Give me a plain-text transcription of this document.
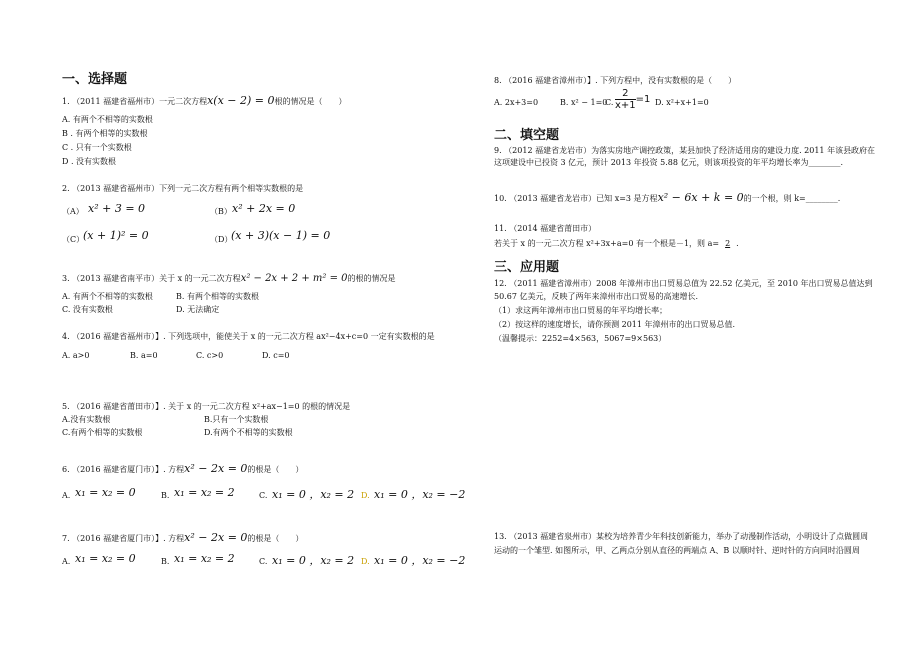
一、选择题
1. （2011 福建省福州市）一元二次方程x(x − 2) = 0根的情况是（　　）
A. 有两个不相等的实数根
B . 有两个相等的实数根
C . 只有一个实数根
D . 没有实数根
2. （2013 福建省福州市）下列一元二次方程有两个相等实数根的是
（A） x² + 3 = 0	（B） x² + 2x = 0
（C）
(x + 1)² = 0	（D）
(x + 3)(x − 1) = 0
3. （2013 福建省南平市）关于 x 的一元二次方程x² − 2x + 2 + m² = 0的根的情况是
A. 有两个不相等的实数根	B. 有两个相等的实数根
C. 没有实数根	D. 无法确定
4. （2016 福建省福州市）】. 下列选项中，能使关于 x 的一元二次方程 ax²−4x+c=0 一定有实数根的是
A. a>0	B. a=0	C. c>0	D. c=0
5. （2016 福建省莆田市）】. 关于 x 的一元二次方程 x²+ax−1=0 的根的情况是
A.没有实数根	B.只有一个实数根
C.有两个相等的实数根	D.有两个不相等的实数根
6. （2016 福建省厦门市）】. 方程x² − 2x = 0的根是（　　）
A. x₁ = x₂ = 0	B. x₁ = x₂ = 2	C. x₁ = 0 ，x₂ = 2 D. x₁ = 0 ，x₂ = −2
7. （2016 福建省厦门市）】. 方程x² − 2x = 0的根是（　　）
A. x₁ = x₂ = 0	B. x₁ = x₂ = 2	C. x₁ = 0 ，x₂ = 2 D. x₁ = 0 ，x₂ = −2
8. （2016 福建省漳州市）】. 下列方程中，没有实数根的是（　　）
A. 2x+3=0	B. x² − 1=0
C. $\frac{2}{x+1} =1$ D. x²+x+1=0
二、填空题
9. （2012 福建省龙岩市）为落实房地产调控政策，某县加快了经济适用房的建设力度. 2011 年该县政府在
这项建设中已投资 3 亿元，预计 2013 年投资 5.88 亿元，则该项投资的年平均增长率为________.
10. （2013 福建省龙岩市）已知 x=3 是方程x² − 6x + k = 0的一个根，则 k=________.
11. （2014 福建省莆田市）
若关于 x 的一元二次方程 x²+3x+a=0 有一个根是－1，则 a= 2 .
三、应用题
12. （2011 福建省漳州市）2008 年漳州市出口贸易总值为 22.52 亿美元，至 2010 年出口贸易总值达到
50.67 亿美元，反映了两年来漳州市出口贸易的高速增长.
（1）求这两年漳州市出口贸易的年平均增长率；
（2）按这样的速度增长，请你预测 2011 年漳州市的出口贸易总值.
（温馨提示：2252=4×563，5067=9×563）
13. （2013 福建省泉州市）某校为培养青少年科技创新能力，举办了动漫制作活动，小明设计了点做圆周
运动的一个雏型. 如图所示，甲、乙两点分别从直径的两端点 A、B 以顺时针、逆时针的方向同时沿圆周
